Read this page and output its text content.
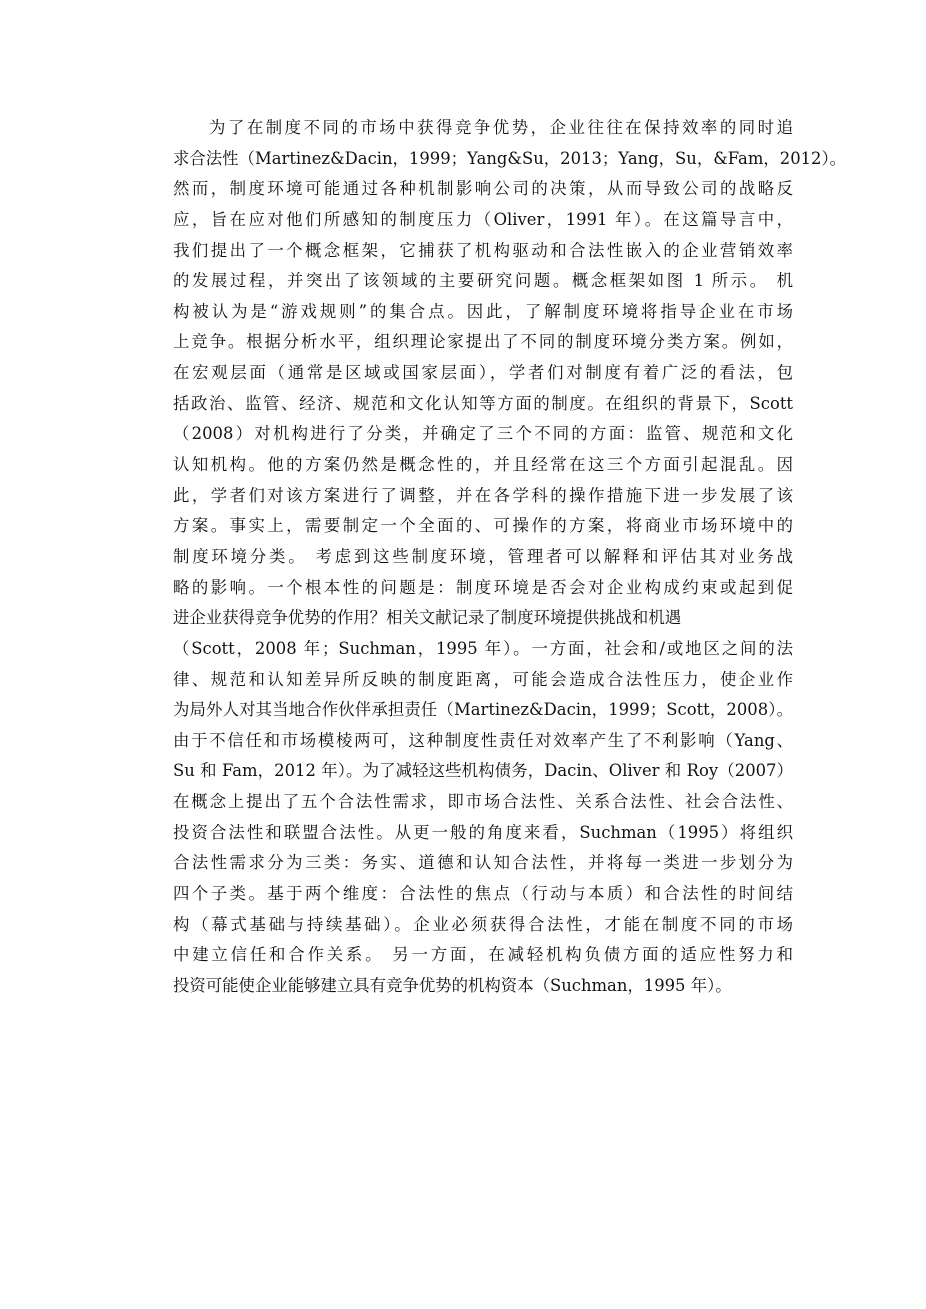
为了在制度不同的市场中获得竞争优势，企业往往在保持效率的同时追
求合法性（Martinez&Dacin，1999；Yang&Su，2013；Yang，Su，&Fam，2012）。
然而，制度环境可能通过各种机制影响公司的决策，从而导致公司的战略反
应，旨在应对他们所感知的制度压力（Oliver，1991 年）。在这篇导言中，
我们提出了一个概念框架，它捕获了机构驱动和合法性嵌入的企业营销效率
的发展过程，并突出了该领域的主要研究问题。概念框架如图 1 所示。 机
构被认为是“游戏规则”的集合点。因此，了解制度环境将指导企业在市场
上竞争。根据分析水平，组织理论家提出了不同的制度环境分类方案。例如，
在宏观层面（通常是区域或国家层面），学者们对制度有着广泛的看法，包
括政治、监管、经济、规范和文化认知等方面的制度。在组织的背景下，Scott
（2008）对机构进行了分类，并确定了三个不同的方面：监管、规范和文化
认知机构。他的方案仍然是概念性的，并且经常在这三个方面引起混乱。因
此，学者们对该方案进行了调整，并在各学科的操作措施下进一步发展了该
方案。事实上，需要制定一个全面的、可操作的方案，将商业市场环境中的
制度环境分类。 考虑到这些制度环境，管理者可以解释和评估其对业务战
略的影响。一个根本性的问题是：制度环境是否会对企业构成约束或起到促
进企业获得竞争优势的作用？相关文献记录了制度环境提供挑战和机遇
（Scott，2008 年；Suchman，1995 年）。一方面，社会和/或地区之间的法
律、规范和认知差异所反映的制度距离，可能会造成合法性压力，使企业作
为局外人对其当地合作伙伴承担责任（Martinez&Dacin，1999；Scott，2008）。
由于不信任和市场模棱两可，这种制度性责任对效率产生了不利影响（Yang、
Su 和 Fam，2012 年）。为了减轻这些机构债务，Dacin、Oliver 和 Roy（2007）
在概念上提出了五个合法性需求，即市场合法性、关系合法性、社会合法性、
投资合法性和联盟合法性。从更一般的角度来看，Suchman（1995）将组织
合法性需求分为三类：务实、道德和认知合法性，并将每一类进一步划分为
四个子类。基于两个维度：合法性的焦点（行动与本质）和合法性的时间结
构（幕式基础与持续基础）。企业必须获得合法性，才能在制度不同的市场
中建立信任和合作关系。 另一方面，在减轻机构负债方面的适应性努力和
投资可能使企业能够建立具有竞争优势的机构资本（Suchman，1995 年）。
